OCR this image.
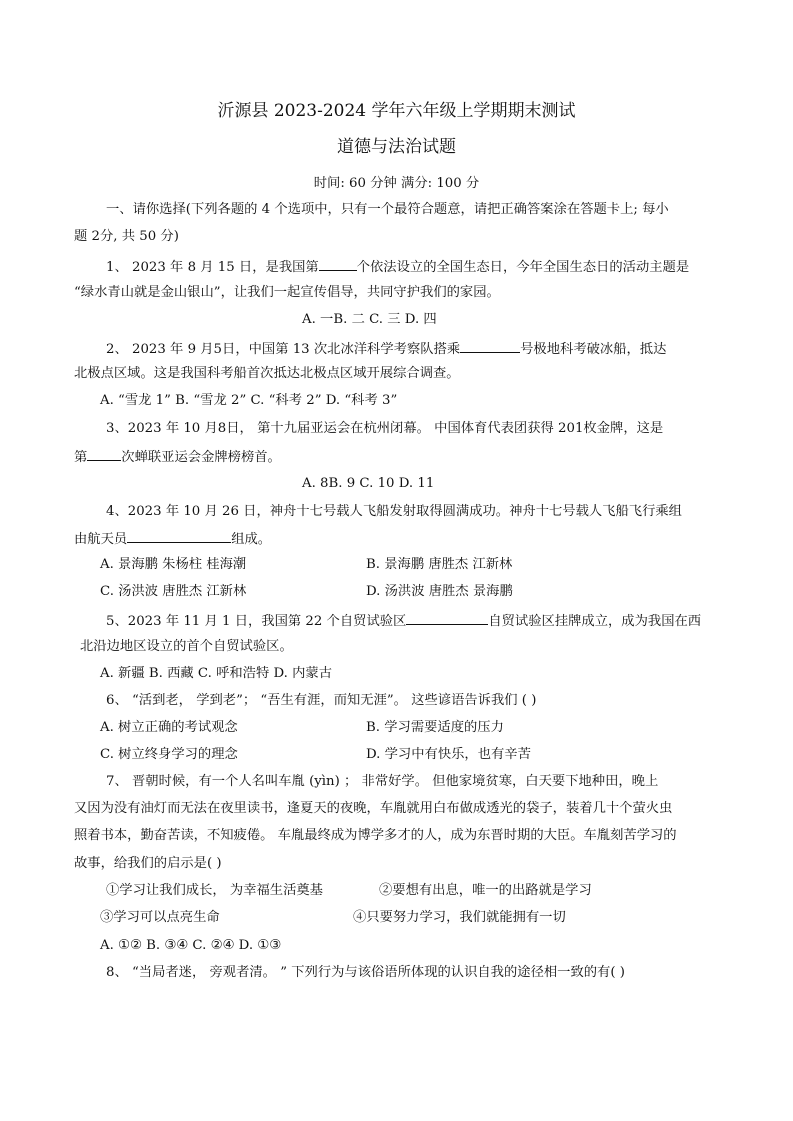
沂源县 2023-2024 学年六年级上学期期末测试
道德与法治试题
时间: 60 分钟 满分: 100 分
一、请你选择(下列各题的 4 个选项中，只有一个最符合题意，请把正确答案涂在答题卡上; 每小
题 2分, 共 50 分)
1、 2023 年 8 月 15 日，是我国第	个依法设立的全国生态日，今年全国生态日的活动主题是
“绿水青山就是金山银山”，让我们一起宣传倡导，共同守护我们的家园。
A. 一B. 二 C. 三 D. 四
2、 2023 年 9 月5日，中国第 13 次北冰洋科学考察队搭乘	号极地科考破冰船，抵达
北极点区域。这是我国科考船首次抵达北极点区域开展综合调查。
A. “雪龙 1” B. “雪龙 2” C. “科考 2” D. “科考 3”
3、2023 年 10 月8日， 第十九届亚运会在杭州闭幕。 中国体育代表团获得 201枚金牌，这是
第	次蝉联亚运会金牌榜榜首。
A. 8B. 9 C. 10 D. 11
4、2023 年 10 月 26 日，神舟十七号载人飞船发射取得圆满成功。神舟十七号载人飞船飞行乘组
由航天员	组成。
A. 景海鹏 朱杨柱 桂海潮	B. 景海鹏 唐胜杰 江新林
C. 汤洪波 唐胜杰 江新林	D. 汤洪波 唐胜杰 景海鹏
5、2023 年 11 月 1 日，我国第 22 个自贸试验区	自贸试验区挂牌成立，成为我国在西
北沿边地区设立的首个自贸试验区。
A. 新疆 B. 西藏 C. 呼和浩特 D. 内蒙古
6、 “活到老， 学到老”； “吾生有涯，而知无涯”。 这些谚语告诉我们 ( )
A. 树立正确的考试观念	B. 学习需要适度的压力
C. 树立终身学习的理念	D. 学习中有快乐，也有辛苦
7、 晋朝时候，有一个人名叫车胤 (yìn) ； 非常好学。 但他家境贫寒，白天要下地种田，晚上
又因为没有油灯而无法在夜里读书，逢夏天的夜晚，车胤就用白布做成透光的袋子，装着几十个萤火虫
照着书本，勤奋苦读，不知疲倦。 车胤最终成为博学多才的人，成为东晋时期的大臣。车胤刻苦学习的
故事，给我们的启示是( )
①学习让我们成长， 为幸福生活奠基	②要想有出息，唯一的出路就是学习
③学习可以点亮生命	④只要努力学习，我们就能拥有一切
A. ①② B. ③④ C. ②④ D. ①③
8、 “当局者迷， 旁观者清。 ” 下列行为与该俗语所体现的认识自我的途径相一致的有( )
